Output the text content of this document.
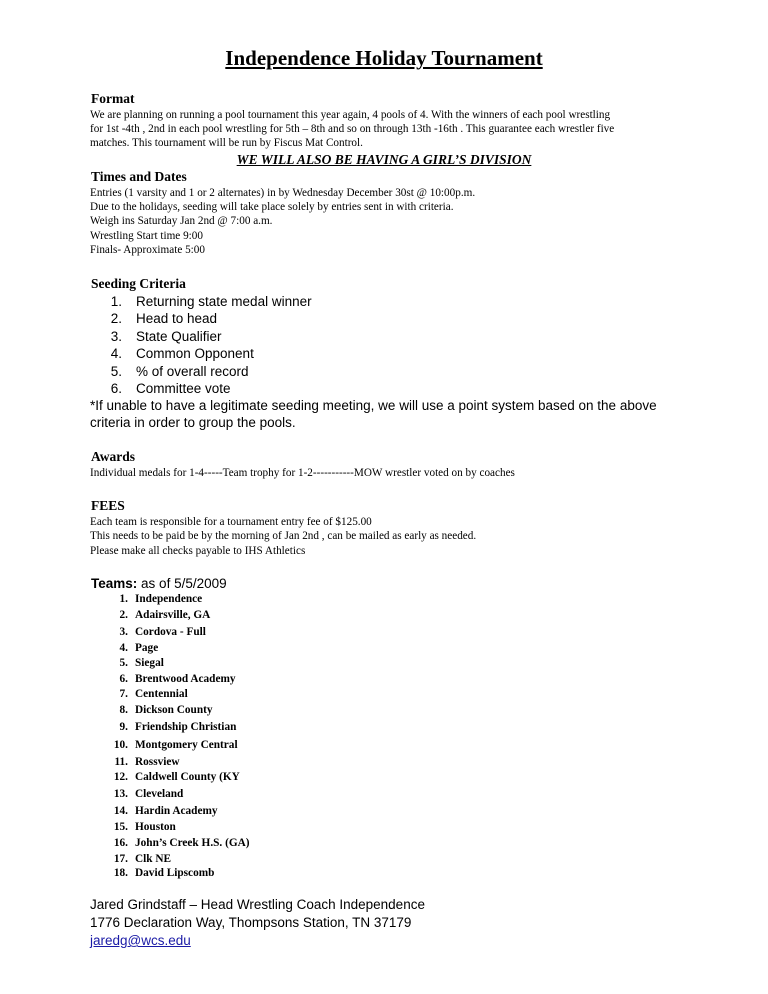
Independence Holiday Tournament
Format
We are planning on running a pool tournament this year again, 4 pools of 4. With the winners of each pool wrestling
for 1st -4th , 2nd in each pool wrestling for 5th – 8th and so on through 13th -16th . This guarantee each wrestler five
matches. This tournament will be run by Fiscus Mat Control.
WE WILL ALSO BE HAVING A GIRL’S DIVISION
Times and Dates
Entries (1 varsity and 1 or 2 alternates) in by Wednesday December 30st @ 10:00p.m.
Due to the holidays, seeding will take place solely by entries sent in with criteria.
Weigh ins Saturday Jan 2nd @ 7:00 a.m.
Wrestling Start time 9:00
Finals- Approximate 5:00
Seeding Criteria
1. Returning state medal winner
2. Head to head
3. State Qualifier
4. Common Opponent
5. % of overall record
6. Committee vote
*If unable to have a legitimate seeding meeting, we will use a point system based on the above
criteria in order to group the pools.
Awards
Individual medals for 1-4-----Team trophy for 1-2-----------MOW wrestler voted on by coaches
FEES
Each team is responsible for a tournament entry fee of $125.00
This needs to be paid be by the morning of Jan 2nd , can be mailed as early as needed.
Please make all checks payable to IHS Athletics
Teams: as of 5/5/2009
1. Independence
2. Adairsville, GA
3. Cordova - Full
4. Page
5. Siegal
6. Brentwood Academy
7. Centennial
8. Dickson County
9. Friendship Christian
10. Montgomery Central
11. Rossview
12. Caldwell County (KY
13. Cleveland
14. Hardin Academy
15. Houston
16. John’s Creek H.S. (GA)
17. Clk NE
18. David Lipscomb
Jared Grindstaff – Head Wrestling Coach Independence
1776 Declaration Way, Thompsons Station, TN 37179
jaredg@wcs.edu
